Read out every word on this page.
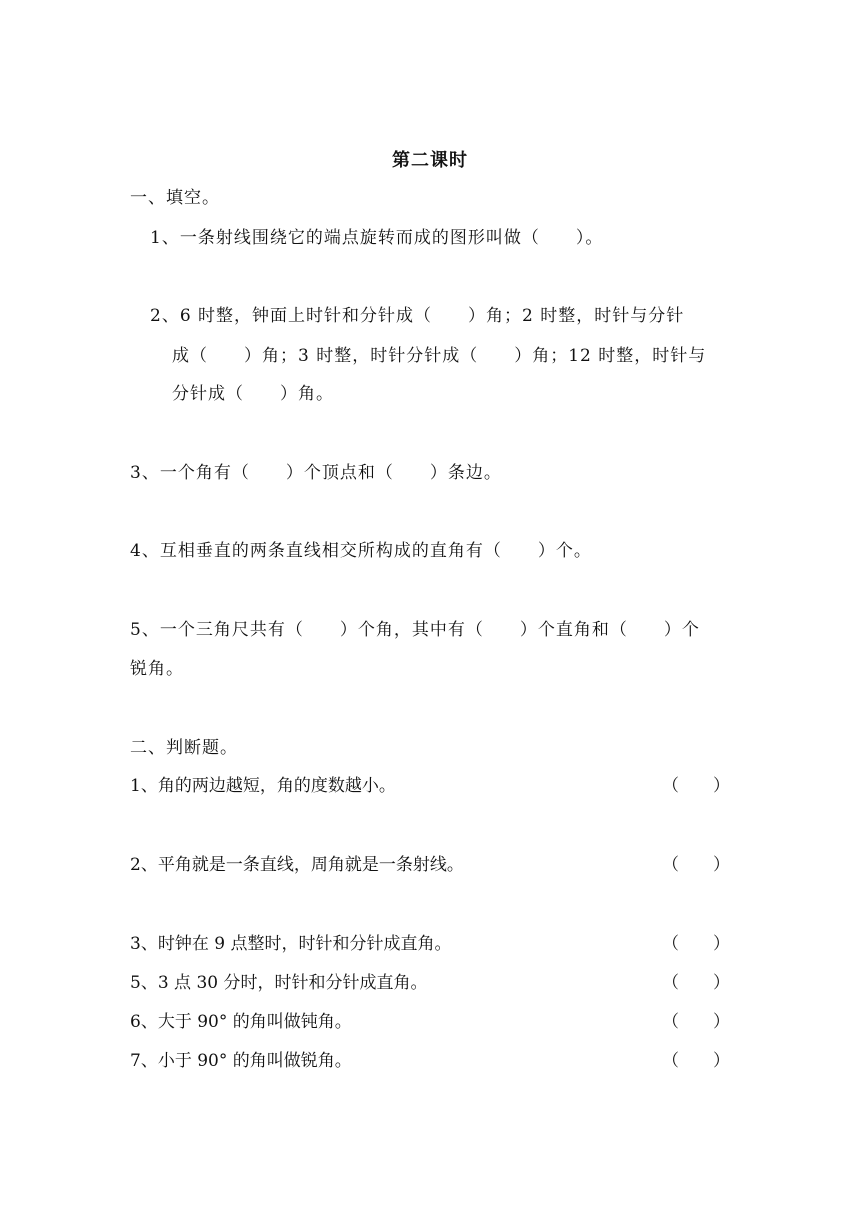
第二课时
一、填空。
1、一条射线围绕它的端点旋转而成的图形叫做（　　）。
2、6 时整，钟面上时针和分针成（　　）角；2 时整，时针与分针
成（　　）角；3 时整，时针分针成（　　）角；12 时整，时针与
分针成（　　）角。
3、一个角有（　　）个顶点和（　　）条边。
4、互相垂直的两条直线相交所构成的直角有（　　）个。
5、一个三角尺共有（　　）个角，其中有（　　）个直角和（　　）个
锐角。
二、判断题。
1、角的两边越短，角的度数越小。	（　　）
2、平角就是一条直线，周角就是一条射线。	（　　）
3、时钟在 9 点整时，时针和分针成直角。	（　　）
5、3 点 30 分时，时针和分针成直角。	（　　）
6、大于 90° 的角叫做钝角。	（　　）
7、小于 90° 的角叫做锐角。	（　　）
